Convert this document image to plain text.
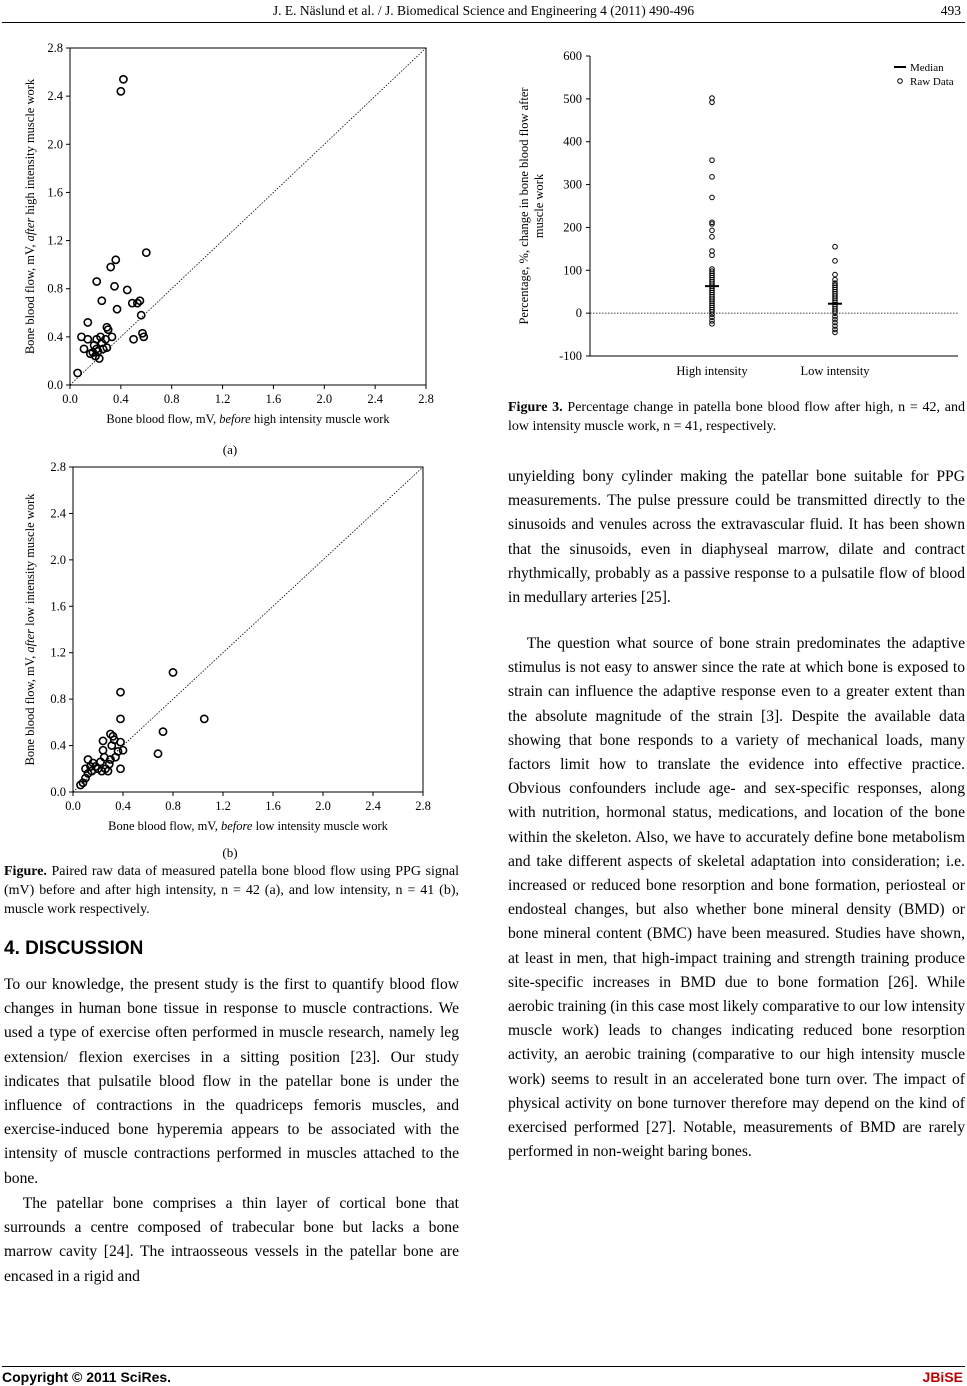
J. E. Näslund et al. / J. Biomedical Science and Engineering 4 (2011) 490-496	493
0.0	0.4	0.8	1.2	1.6	2.0	2.4	2.8
0.0
0.4
0.8
1.2
1.6
2.0
2.4
2.8
Bone blood flow, mV, before high intensity muscle work
Bone blood flow, mV, after high intensity muscle work
(a)
0.0	0.4	0.8	1.2	1.6	2.0	2.4	2.8
0.0
0.4
0.8
1.2
1.6
2.0
2.4
2.8
Bone blood flow, mV, before low intensity muscle work
Bone blood flow, mV, after low intensity muscle work
(b)
Figure. Paired raw data of measured patella bone blood flow using PPG signal (mV) before and after high intensity, n = 42 (a), and low intensity, n = 41 (b), muscle work respectively.
4. DISCUSSION

To our knowledge, the present study is the first to quantify blood flow changes in human bone tissue in response to muscle contractions. We used a type of exercise often performed in muscle research, namely leg extension/ flexion exercises in a sitting position [23]. Our study indicates that pulsatile blood flow in the patellar bone is under the influence of contractions in the quadriceps femoris muscles, and exercise-induced bone hyperemia appears to be associated with the intensity of muscle contractions performed in muscles attached to the bone.

The patellar bone comprises a thin layer of cortical bone that surrounds a centre composed of trabecular bone but lacks a bone marrow cavity [24]. The intraosseous vessels in the patellar bone are encased in a rigid and

-100
0
100
200
300
400
500
600
High intensity	Low intensity
Percentage, %, change in bone blood flow after muscle work
Median
Raw Data
Figure 3. Percentage change in patella bone blood flow after high, n = 42, and low intensity muscle work, n = 41, respectively.

unyielding bony cylinder making the patellar bone suitable for PPG measurements. The pulse pressure could be transmitted directly to the sinusoids and venules across the extravascular fluid. It has been shown that the sinusoids, even in diaphyseal marrow, dilate and contract rhythmically, probably as a passive response to a pulsatile flow of blood in medullary arteries [25].

The question what source of bone strain predominates the adaptive stimulus is not easy to answer since the rate at which bone is exposed to strain can influence the adaptive response even to a greater extent than the absolute magnitude of the strain [3]. Despite the available data showing that bone responds to a variety of mechanical loads, many factors limit how to translate the evidence into effective practice. Obvious confounders include age- and sex-specific responses, along with nutrition, hormonal status, medications, and location of the bone within the skeleton. Also, we have to accurately define bone metabolism and take different aspects of skeletal adaptation into consideration; i.e. increased or reduced bone resorption and bone formation, periosteal or endosteal changes, but also whether bone mineral density (BMD) or bone mineral content (BMC) have been measured. Studies have shown, at least in men, that high-impact training and strength training produce site-specific increases in BMD due to bone formation [26]. While aerobic training (in this case most likely comparative to our low intensity muscle work) leads to changes indicating reduced bone resorption activity, an aerobic training (comparative to our high intensity muscle work) seems to result in an accelerated bone turn over. The impact of physical activity on bone turnover therefore may depend on the kind of exercised performed [27]. Notable, measurements of BMD are rarely performed in non-weight baring bones.

Copyright © 2011 SciRes.	JBiSE
